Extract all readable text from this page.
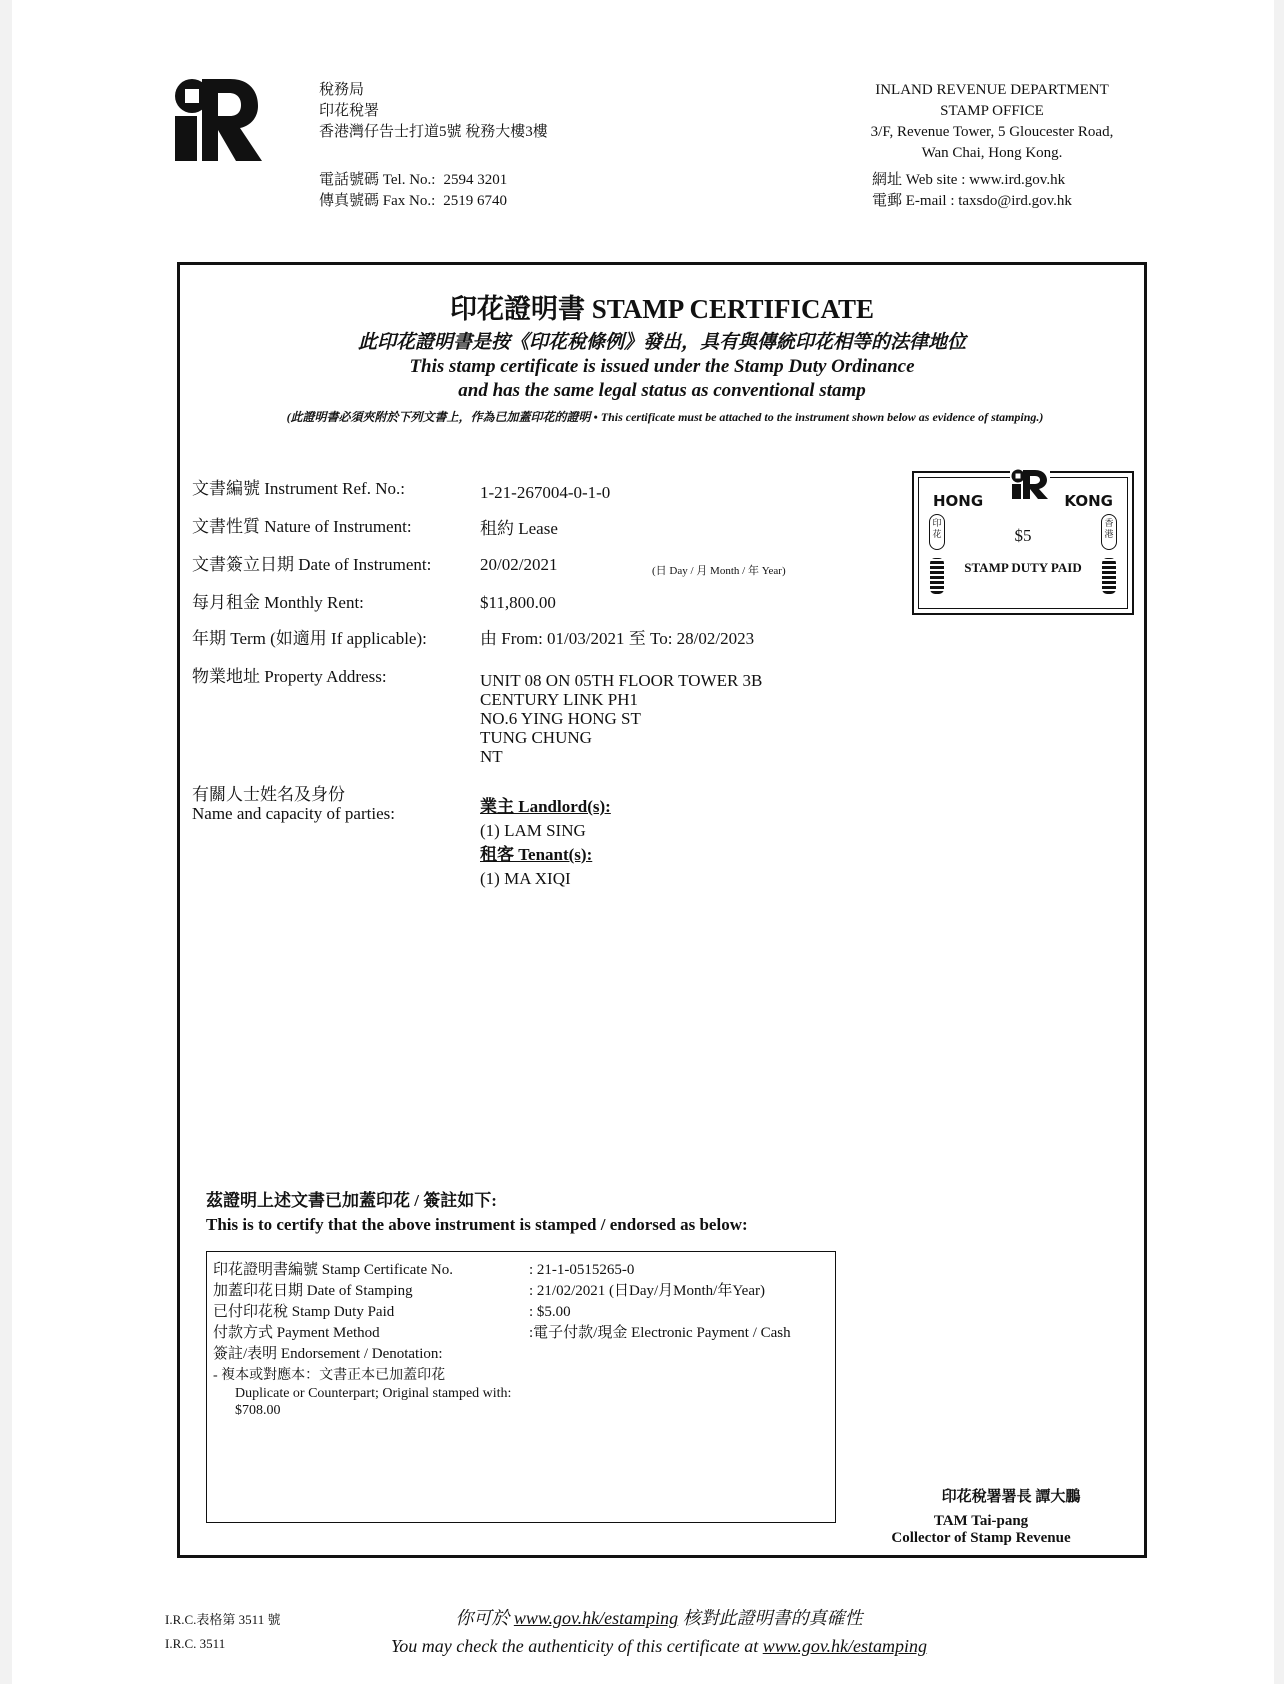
稅務局
印花稅署
香港灣仔告士打道5號 稅務大樓3樓
電話號碼 Tel. No.: 2594 3201
傳真號碼 Fax No.: 2519 6740
INLAND REVENUE DEPARTMENT
STAMP OFFICE
3/F, Revenue Tower, 5 Gloucester Road,
Wan Chai, Hong Kong.
網址 Web site : www.ird.gov.hk
電郵 E-mail : taxsdo@ird.gov.hk
印花證明書 STAMP CERTIFICATE
此印花證明書是按《印花稅條例》發出，具有與傳統印花相等的法律地位
This stamp certificate is issued under the Stamp Duty Ordinance
and has the same legal status as conventional stamp
(此證明書必須夾附於下列文書上，作為已加蓋印花的證明 • This certificate must be attached to the instrument shown below as evidence of stamping.)
文書編號 Instrument Ref. No.:	1-21-267004-0-1-0
文書性質 Nature of Instrument:	租約 Lease
文書簽立日期 Date of Instrument:	20/02/2021	(日 Day / 月 Month / 年 Year)
每月租金 Monthly Rent:	$11,800.00
年期 Term (如適用 If applicable):	由 From: 01/03/2021 至 To: 28/02/2023
物業地址 Property Address:	UNIT 08 ON 05TH FLOOR TOWER 3B
CENTURY LINK PH1
NO.6 YING HONG ST
TUNG CHUNG
NT
有關人士姓名及身份
Name and capacity of parties:	業主 Landlord(s):
(1) LAM SING
租客 Tenant(s):
(1) MA XIQI
HONG	KONG
$5
STAMP DUTY PAID
印花
香港
茲證明上述文書已加蓋印花 / 簽註如下:
This is to certify that the above instrument is stamped / endorsed as below:
印花證明書編號 Stamp Certificate No.	: 21-1-0515265-0
加蓋印花日期 Date of Stamping	: 21/02/2021 (日Day/月Month/年Year)
已付印花稅 Stamp Duty Paid	: $5.00
付款方式 Payment Method	:電子付款/現金 Electronic Payment / Cash
簽註/表明 Endorsement / Denotation:
- 複本或對應本：文書正本已加蓋印花
Duplicate or Counterpart; Original stamped with:
$708.00
印花稅署署長 譚大鵬
TAM Tai-pang
Collector of Stamp Revenue
I.R.C.表格第 3511 號
I.R.C. 3511
你可於 www.gov.hk/estamping 核對此證明書的真確性
You may check the authenticity of this certificate at www.gov.hk/estamping
